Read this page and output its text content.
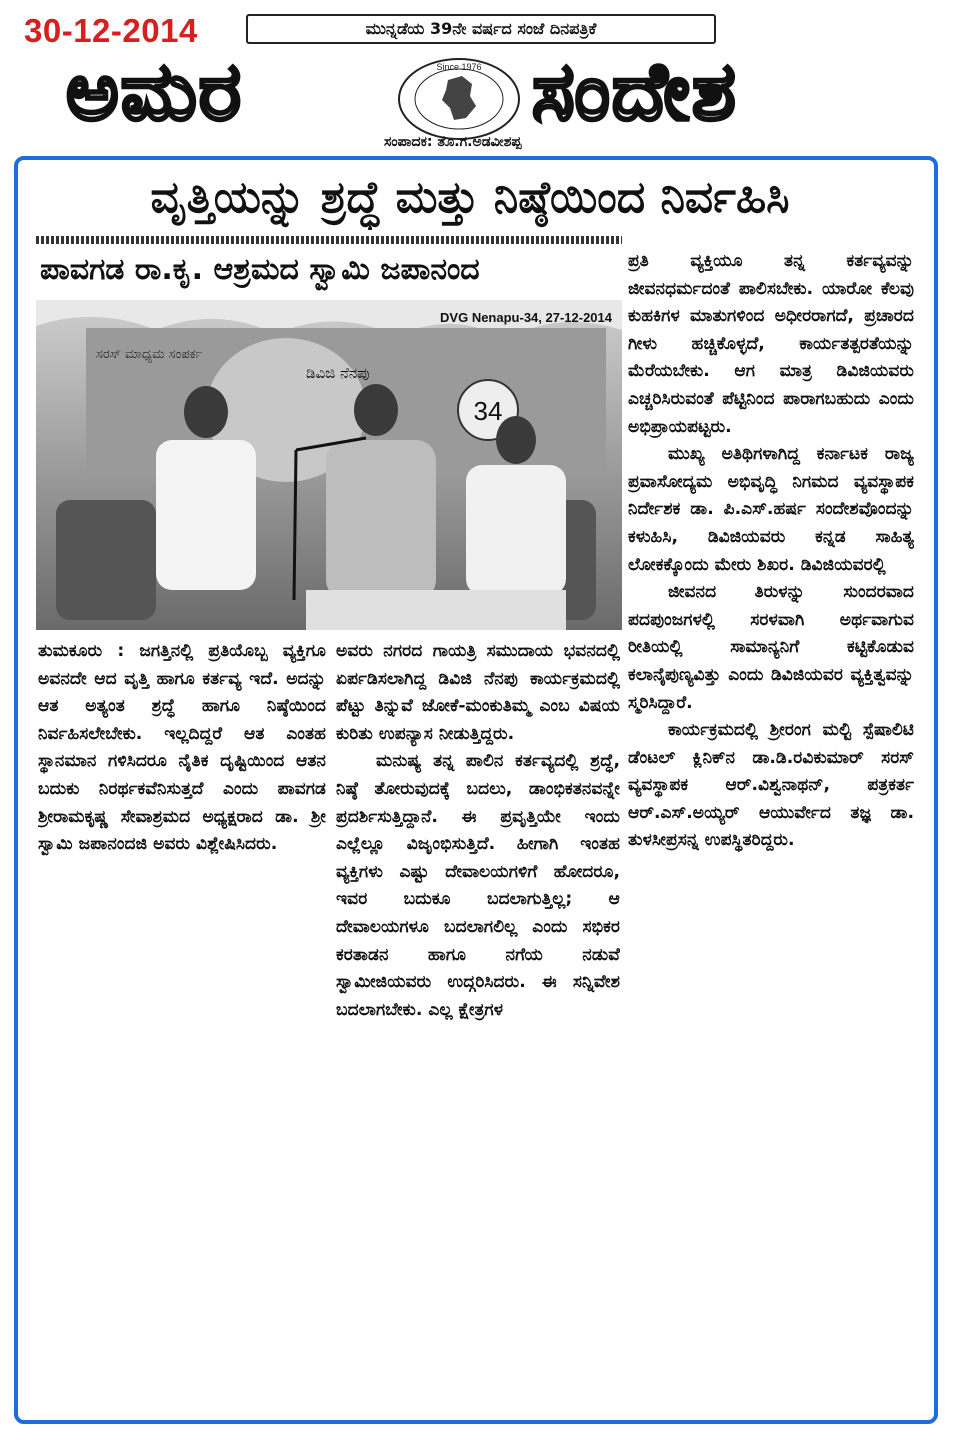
30-12-2014	ಮುನ್ನಡೆಯ 39ನೇ ವರ್ಷದ ಸಂಜೆ ದಿನಪತ್ರಿಕೆ
ಅಮರ	Since 1976 ಸಂದೇಶ
ಸಂಪಾದಕ: ತೊ.ಗ.ಅಡವೀಶಪ್ಪ
ವೃತ್ತಿಯನ್ನು ಶ್ರದ್ಧೆ ಮತ್ತು ನಿಷ್ಠೆಯಿಂದ ನಿರ್ವಹಿಸಿ
ಪಾವಗಡ ರಾ.ಕೃ. ಆಶ್ರಮದ ಸ್ವಾಮಿ ಜಪಾನಂದ
ಸರಸ್ ಮಾಧ್ಯಮ ಸಂಪರ್ಕ
ಡಿವಿಜಿ ನೆನಪು
34
DVG Nenapu-34, 27-12-2014

ತುಮಕೂರು : ಜಗತ್ತಿನಲ್ಲಿ ಪ್ರತಿಯೊಬ್ಬ ವ್ಯಕ್ತಿಗೂ ಅವನದೇ ಆದ ವೃತ್ತಿ ಹಾಗೂ ಕರ್ತವ್ಯ ಇದೆ. ಅದನ್ನು ಆತ ಅತ್ಯಂತ ಶ್ರದ್ಧೆ ಹಾಗೂ ನಿಷ್ಠೆಯಿಂದ ನಿರ್ವಹಿಸಲೇಬೇಕು. ಇಲ್ಲದಿದ್ದರೆ ಆತ ಎಂತಹ ಸ್ಥಾನಮಾನ ಗಳಿಸಿದರೂ ನೈತಿಕ ದೃಷ್ಟಿಯಿಂದ ಆತನ ಬದುಕು ನಿರರ್ಥಕವೆನಿಸುತ್ತದೆ ಎಂದು ಪಾವಗಡ ಶ್ರೀರಾಮಕೃಷ್ಣ ಸೇವಾಶ್ರಮದ ಅಧ್ಯಕ್ಷರಾದ ಡಾ. ಶ್ರೀ ಸ್ವಾಮಿ ಜಪಾನಂದಜಿ ಅವರು ವಿಶ್ಲೇಷಿಸಿದರು.

ಅವರು ನಗರದ ಗಾಯತ್ರಿ ಸಮುದಾಯ ಭವನದಲ್ಲಿ ಏರ್ಪಡಿಸಲಾಗಿದ್ದ ಡಿವಿಜಿ ನೆನಪು ಕಾರ್ಯಕ್ರಮದಲ್ಲಿ ಪೆಟ್ಟು ತಿನ್ನುವೆ ಜೋಕೆ-ಮಂಕುತಿಮ್ಮ ಎಂಬ ವಿಷಯ ಕುರಿತು ಉಪನ್ಯಾಸ ನೀಡುತ್ತಿದ್ದರು.

ಮನುಷ್ಯ ತನ್ನ ಪಾಲಿನ ಕರ್ತವ್ಯದಲ್ಲಿ ಶ್ರದ್ಧೆ, ನಿಷ್ಠೆ ತೋರುವುದಕ್ಕೆ ಬದಲು, ಡಾಂಭಿಕತನವನ್ನೇ ಪ್ರದರ್ಶಿಸುತ್ತಿದ್ದಾನೆ. ಈ ಪ್ರವೃತ್ತಿಯೇ ಇಂದು ಎಲ್ಲೆಲ್ಲೂ ವಿಜೃಂಭಿಸುತ್ತಿದೆ. ಹೀಗಾಗಿ ಇಂತಹ ವ್ಯಕ್ತಿಗಳು ಎಷ್ಟು ದೇವಾಲಯಗಳಿಗೆ ಹೋದರೂ, ಇವರ ಬದುಕೂ ಬದಲಾಗುತ್ತಿಲ್ಲ; ಆ ದೇವಾಲಯಗಳೂ ಬದಲಾಗಲಿಲ್ಲ ಎಂದು ಸಭಿಕರ ಕರತಾಡನ ಹಾಗೂ ನಗೆಯ ನಡುವೆ ಸ್ವಾಮೀಜಿಯವರು ಉದ್ಗರಿಸಿದರು. ಈ ಸನ್ನಿವೇಶ ಬದಲಾಗಬೇಕು. ಎಲ್ಲ ಕ್ಷೇತ್ರಗಳ

ಪ್ರತಿ ವ್ಯಕ್ತಿಯೂ ತನ್ನ ಕರ್ತವ್ಯವನ್ನು ಜೀವನಧರ್ಮದಂತೆ ಪಾಲಿಸಬೇಕು. ಯಾರೋ ಕೆಲವು ಕುಹಕಿಗಳ ಮಾತುಗಳಿಂದ ಅಧೀರರಾಗದೆ, ಪ್ರಚಾರದ ಗೀಳು ಹಚ್ಚಿಕೊಳ್ಳದೆ, ಕಾರ್ಯತತ್ಪರತೆಯನ್ನು ಮೆರೆಯಬೇಕು. ಆಗ ಮಾತ್ರ ಡಿವಿಜಿಯವರು ಎಚ್ಚರಿಸಿರುವಂತೆ ಪೆಟ್ಟಿನಿಂದ ಪಾರಾಗಬಹುದು ಎಂದು ಅಭಿಪ್ರಾಯಪಟ್ಟರು.

ಮುಖ್ಯ ಅತಿಥಿಗಳಾಗಿದ್ದ ಕರ್ನಾಟಕ ರಾಜ್ಯ ಪ್ರವಾಸೋದ್ಯಮ ಅಭಿವೃದ್ಧಿ ನಿಗಮದ ವ್ಯವಸ್ಥಾಪಕ ನಿರ್ದೇಶಕ ಡಾ. ಪಿ.ಎಸ್.ಹರ್ಷ ಸಂದೇಶವೊಂದನ್ನು ಕಳುಹಿಸಿ, ಡಿವಿಜಿಯವರು ಕನ್ನಡ ಸಾಹಿತ್ಯ ಲೋಕಕ್ಕೊಂದು ಮೇರು ಶಿಖರ. ಡಿವಿಜಿಯವರಲ್ಲಿ

ಜೀವನದ ತಿರುಳನ್ನು ಸುಂದರವಾದ ಪದಪುಂಜಗಳಲ್ಲಿ ಸರಳವಾಗಿ ಅರ್ಥವಾಗುವ ರೀತಿಯಲ್ಲಿ ಸಾಮಾನ್ಯನಿಗೆ ಕಟ್ಟಿಕೊಡುವ ಕಲಾನೈಪುಣ್ಯವಿತ್ತು ಎಂದು ಡಿವಿಜಿಯವರ ವ್ಯಕ್ತಿತ್ವವನ್ನು ಸ್ಮರಿಸಿದ್ದಾರೆ.

ಕಾರ್ಯಕ್ರಮದಲ್ಲಿ ಶ್ರೀರಂಗ ಮಲ್ಟಿ ಸ್ಪೆಷಾಲಿಟಿ ಡೆಂಟಲ್ ಕ್ಲಿನಿಕ್‌ನ ಡಾ.ಡಿ.ರವಿಕುಮಾರ್ ಸರಸ್ ವ್ಯವಸ್ಥಾಪಕ ಆರ್.ವಿಶ್ವನಾಥನ್, ಪತ್ರಕರ್ತ ಆರ್.ಎಸ್.ಅಯ್ಯರ್ ಆಯುರ್ವೇದ ತಜ್ಞ ಡಾ. ತುಳಸೀಪ್ರಸನ್ನ ಉಪಸ್ಥಿತರಿದ್ದರು.
